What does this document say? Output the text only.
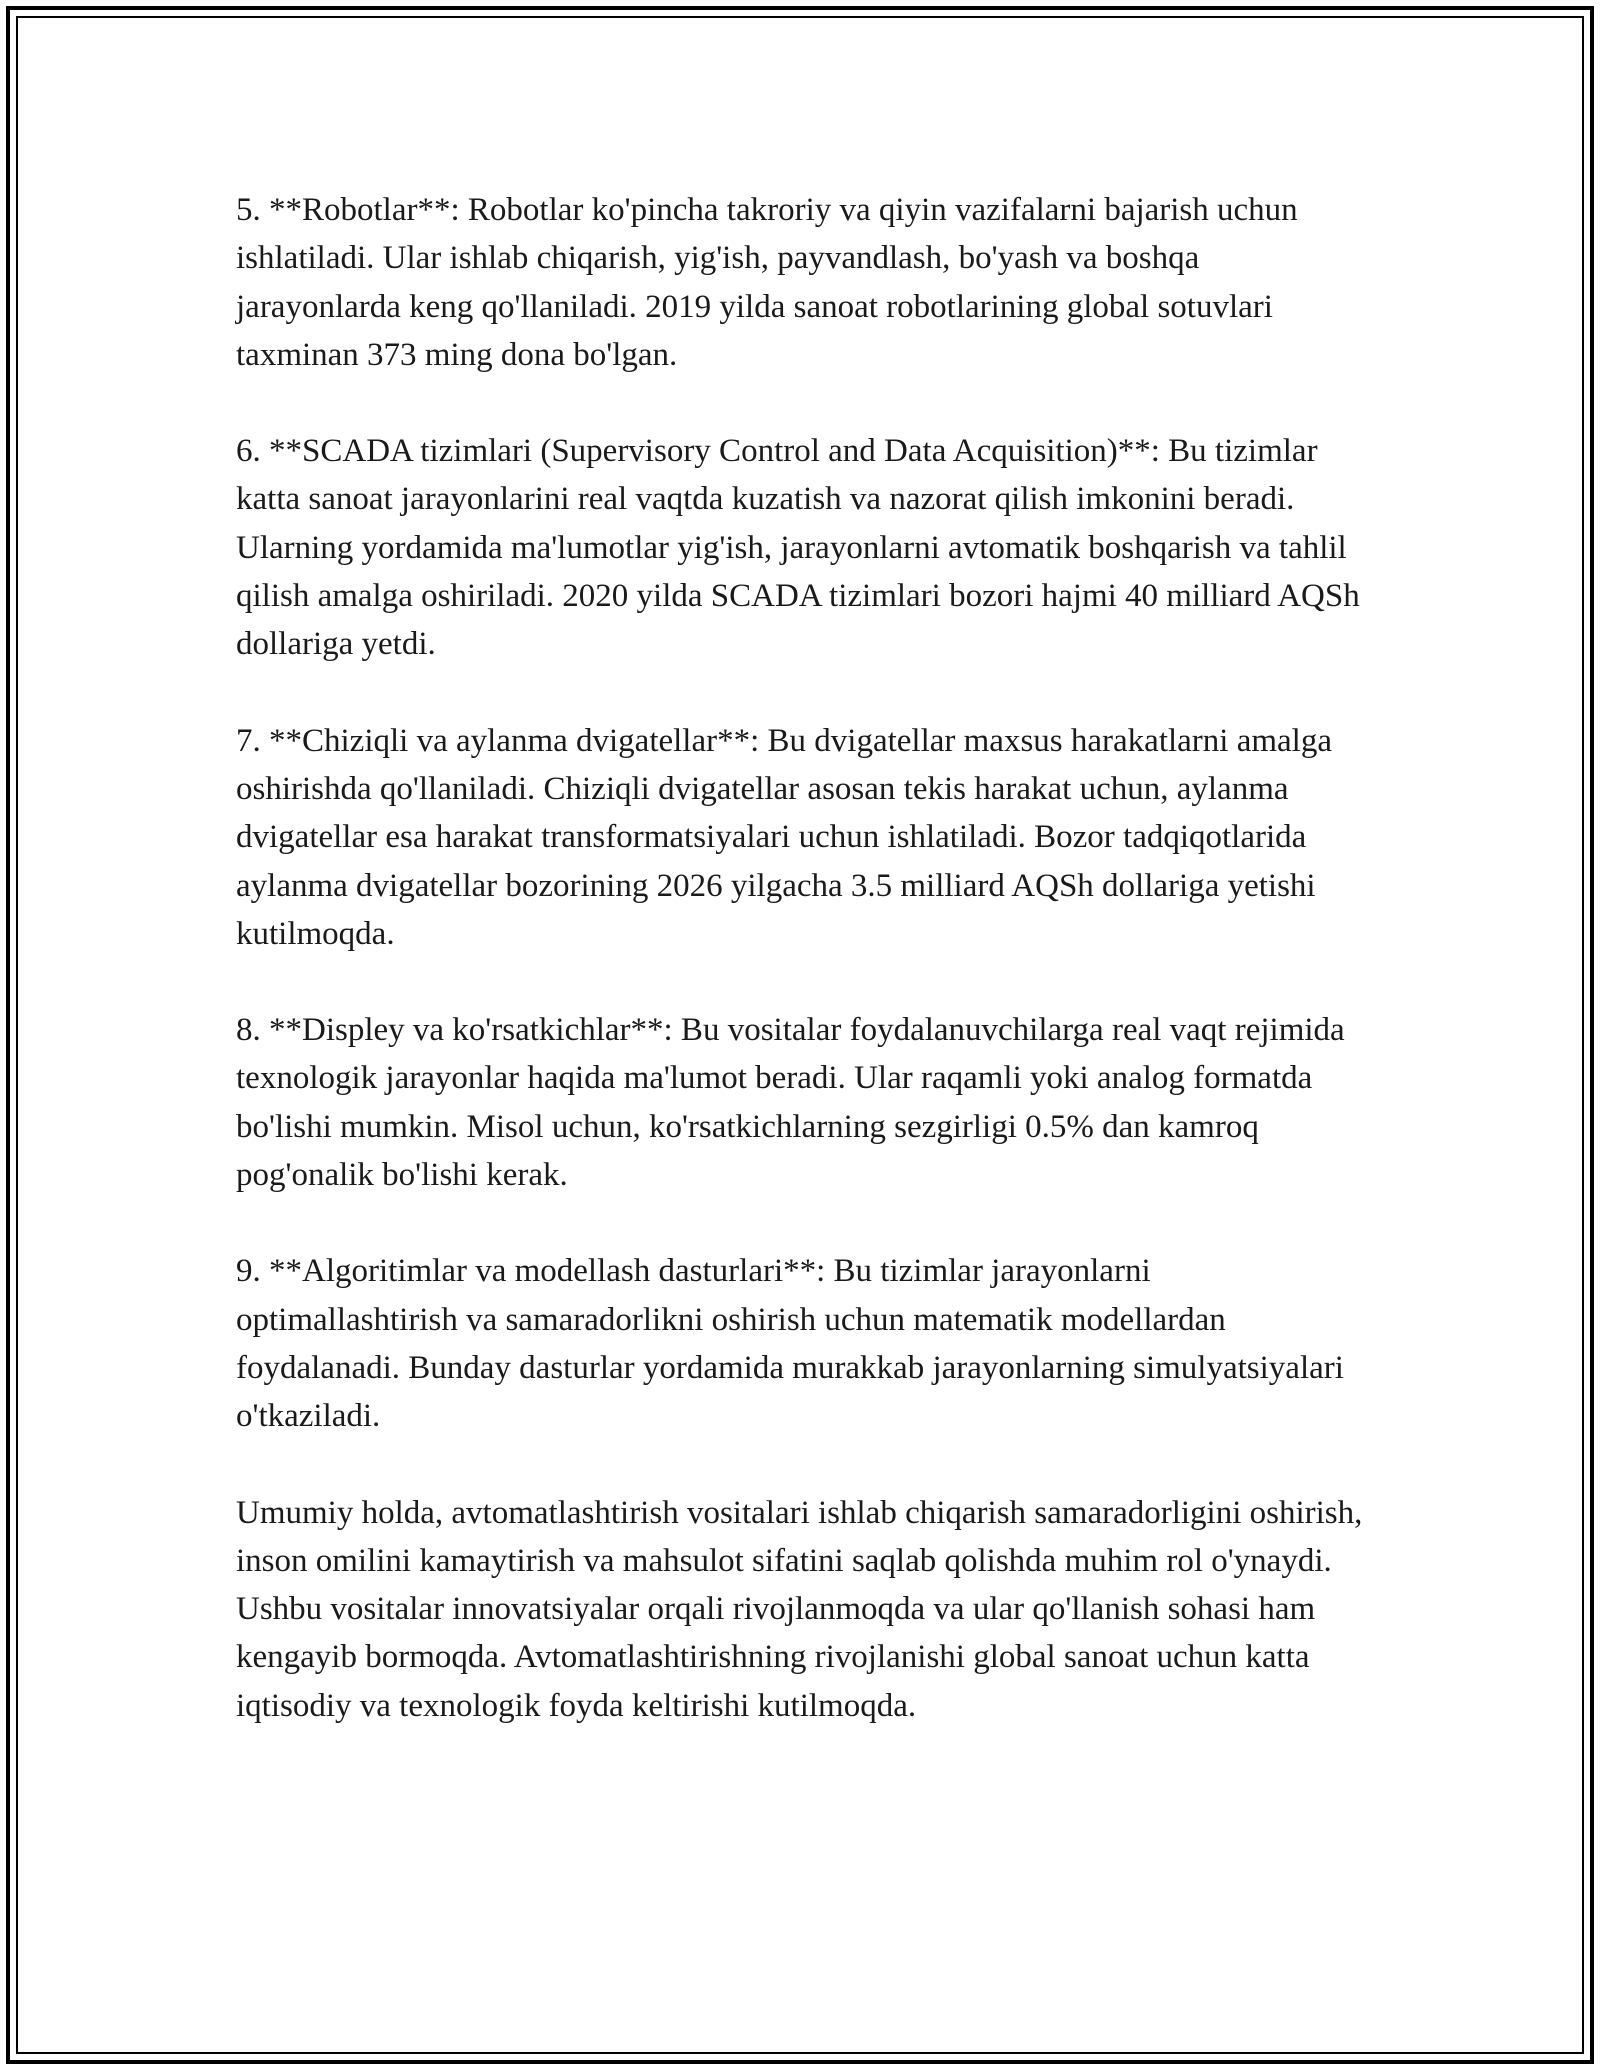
5. **Robotlar**: Robotlar ko'pincha takroriy va qiyin vazifalarni bajarish uchun ishlatiladi. Ular ishlab chiqarish, yig'ish, payvandlash, bo'yash va boshqa jarayonlarda keng qo'llaniladi. 2019 yilda sanoat robotlarining global sotuvlari taxminan 373 ming dona bo'lgan.

6. **SCADA tizimlari (Supervisory Control and Data Acquisition)**: Bu tizimlar katta sanoat jarayonlarini real vaqtda kuzatish va nazorat qilish imkonini beradi. Ularning yordamida ma'lumotlar yig'ish, jarayonlarni avtomatik boshqarish va tahlil qilish amalga oshiriladi. 2020 yilda SCADA tizimlari bozori hajmi 40 milliard AQSh dollariga yetdi.

7. **Chiziqli va aylanma dvigatellar**: Bu dvigatellar maxsus harakatlarni amalga oshirishda qo'llaniladi. Chiziqli dvigatellar asosan tekis harakat uchun, aylanma dvigatellar esa harakat transformatsiyalari uchun ishlatiladi. Bozor tadqiqotlarida aylanma dvigatellar bozorining 2026 yilgacha 3.5 milliard AQSh dollariga yetishi kutilmoqda.

8. **Displey va ko'rsatkichlar**: Bu vositalar foydalanuvchilarga real vaqt rejimida texnologik jarayonlar haqida ma'lumot beradi. Ular raqamli yoki analog formatda bo'lishi mumkin. Misol uchun, ko'rsatkichlarning sezgirligi 0.5% dan kamroq pog'onalik bo'lishi kerak.

9. **Algoritimlar va modellash dasturlari**: Bu tizimlar jarayonlarni optimallashtirish va samaradorlikni oshirish uchun matematik modellardan foydalanadi. Bunday dasturlar yordamida murakkab jarayonlarning simulyatsiyalari o'tkaziladi.

Umumiy holda, avtomatlashtirish vositalari ishlab chiqarish samaradorligini oshirish, inson omilini kamaytirish va mahsulot sifatini saqlab qolishda muhim rol o'ynaydi. Ushbu vositalar innovatsiyalar orqali rivojlanmoqda va ular qo'llanish sohasi ham kengayib bormoqda. Avtomatlashtirishning rivojlanishi global sanoat uchun katta iqtisodiy va texnologik foyda keltirishi kutilmoqda.
